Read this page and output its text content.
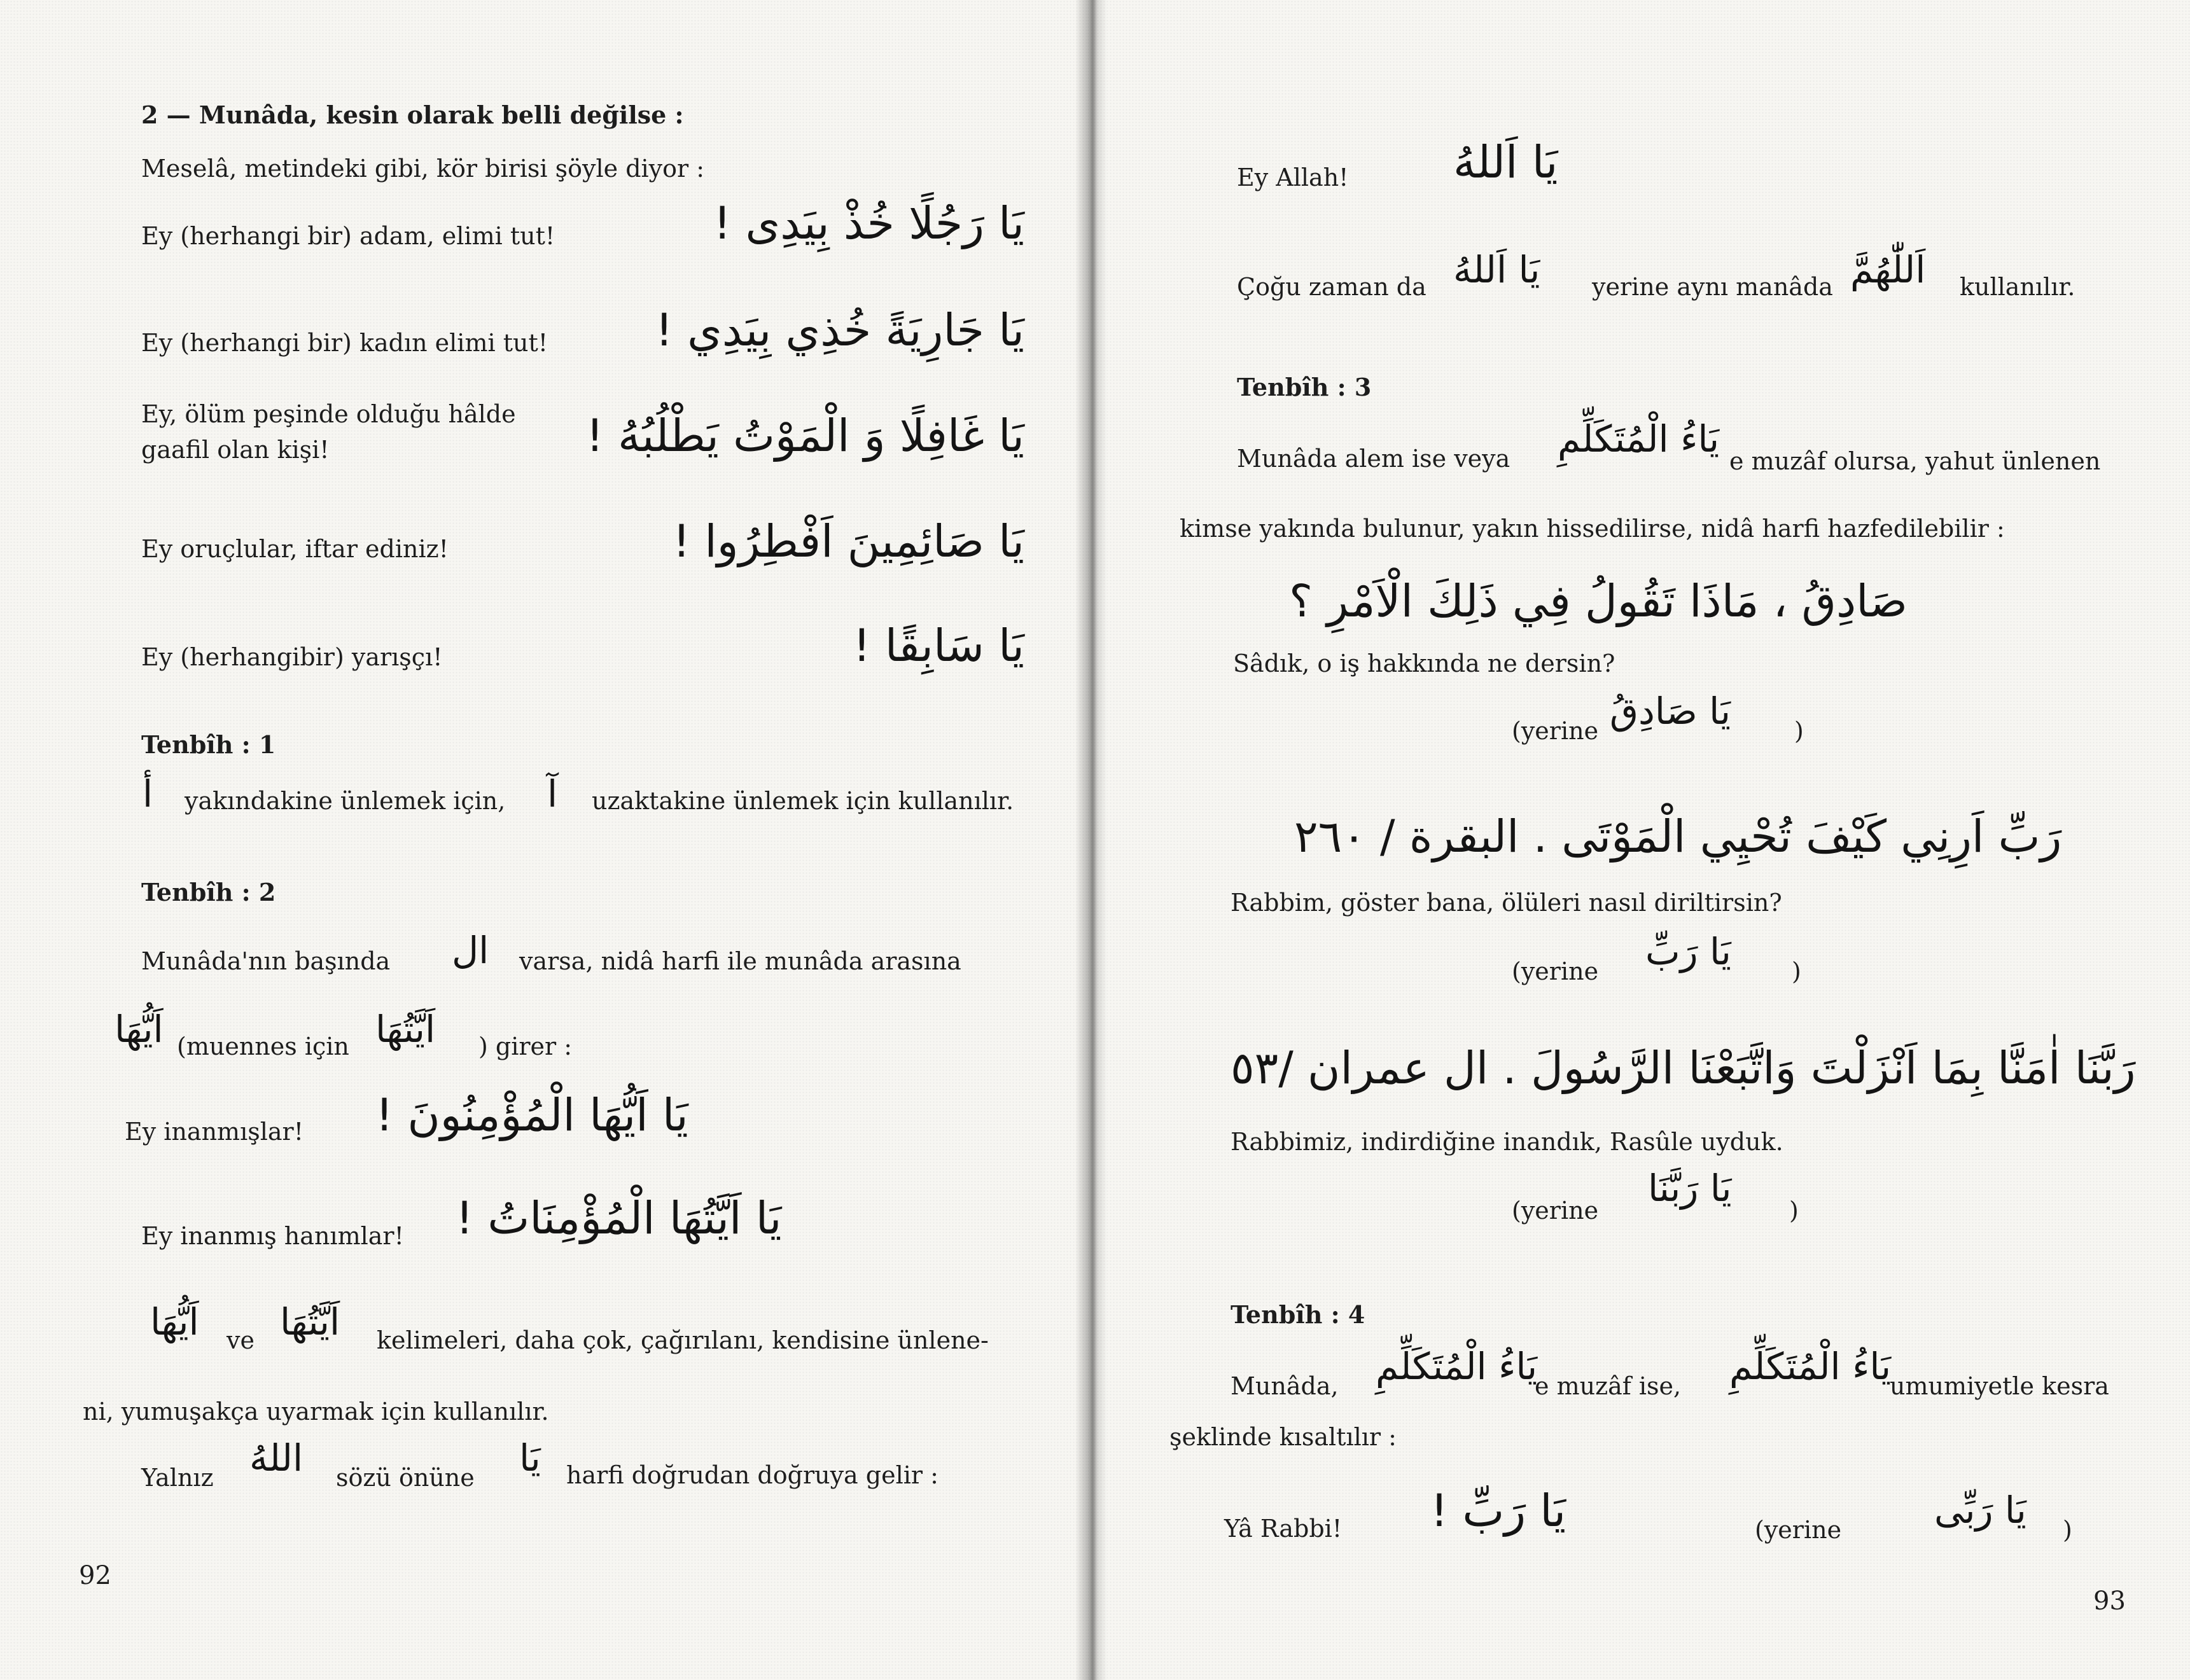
2 — Munâda, kesin olarak belli değilse :
Meselâ, metindeki gibi, kör birisi şöyle diyor :
Ey (herhangi bir) adam, elimi tut!	يَا رَجُلًا خُذْ بِيَدِى !
Ey (herhangi bir) kadın elimi tut! يَا جَارِيَةً خُذِي بِيَدِي !
Ey, ölüm peşinde olduğu hâlde
gaafil olan kişi!	يَا غَافِلًا وَ الْمَوْتُ يَطْلُبُهُ !
Ey oruçlular, iftar ediniz!	يَا صَائِمِينَ اَفْطِرُوا !
Ey (herhangibir) yarışçı!	يَا سَابِقًا !
Tenbîh : 1
أ yakındakine ünlemek için, آ uzaktakine ünlemek için kullanılır.
Tenbîh : 2
Munâda'nın başında ال varsa, nidâ harfi ile munâda arasına
اَيُّهَا (muennes için اَيَّتُهَا ) girer :
Ey inanmışlar! يَا اَيُّهَا الْمُؤْمِنُونَ !
Ey inanmış hanımlar! يَا اَيَّتُهَا الْمُؤْمِنَاتُ !
اَيُّهَا ve اَيَّتُهَا kelimeleri, daha çok, çağırılanı, kendisine ünlene-
ni, yumuşakça uyarmak için kullanılır.
Yalnız اللهُ sözü önüne يَا harfi doğrudan doğruya gelir :
92
Ey Allah! يَا اَللهُ
Çoğu zaman da يَا اَللهُ yerine aynı manâda اَللّٰهُمَّ kullanılır.
Tenbîh : 3
Munâda alem ise veya يَاءُ الْمُتَكَلِّمِ
e muzâf olursa, yahut ünlenen
kimse yakında bulunur, yakın hissedilirse, nidâ harfi hazfedilebilir :
صَادِقُ ، مَاذَا تَقُولُ فِي ذَلِكَ الْاَمْرِ ؟
Sâdık, o iş hakkında ne dersin?
(yerine يَا صَادِقُ	)
رَبِّ اَرِنِي كَيْفَ تُحْيِي الْمَوْتَى . البقرة / ٢٦٠
Rabbim, göster bana, ölüleri nasıl diriltirsin?
(yerine يَا رَبِّ	)
رَبَّنَا اٰمَنَّا بِمَا اَنْزَلْتَ وَاتَّبَعْنَا الرَّسُولَ . ال عمران /٥٣
Rabbimiz, indirdiğine inandık, Rasûle uyduk.
(yerine
يَا رَبَّنَا
)
Tenbîh : 4
Munâda, يَاءُ الْمُتَكَلِّمِ
e muzâf ise, يَاءُ الْمُتَكَلِّمِ
umumiyetle kesra
şeklinde kısaltılır :
Yâ Rabbi! يَا رَبِّ !	(yerine	يَا رَبِّى )
93
